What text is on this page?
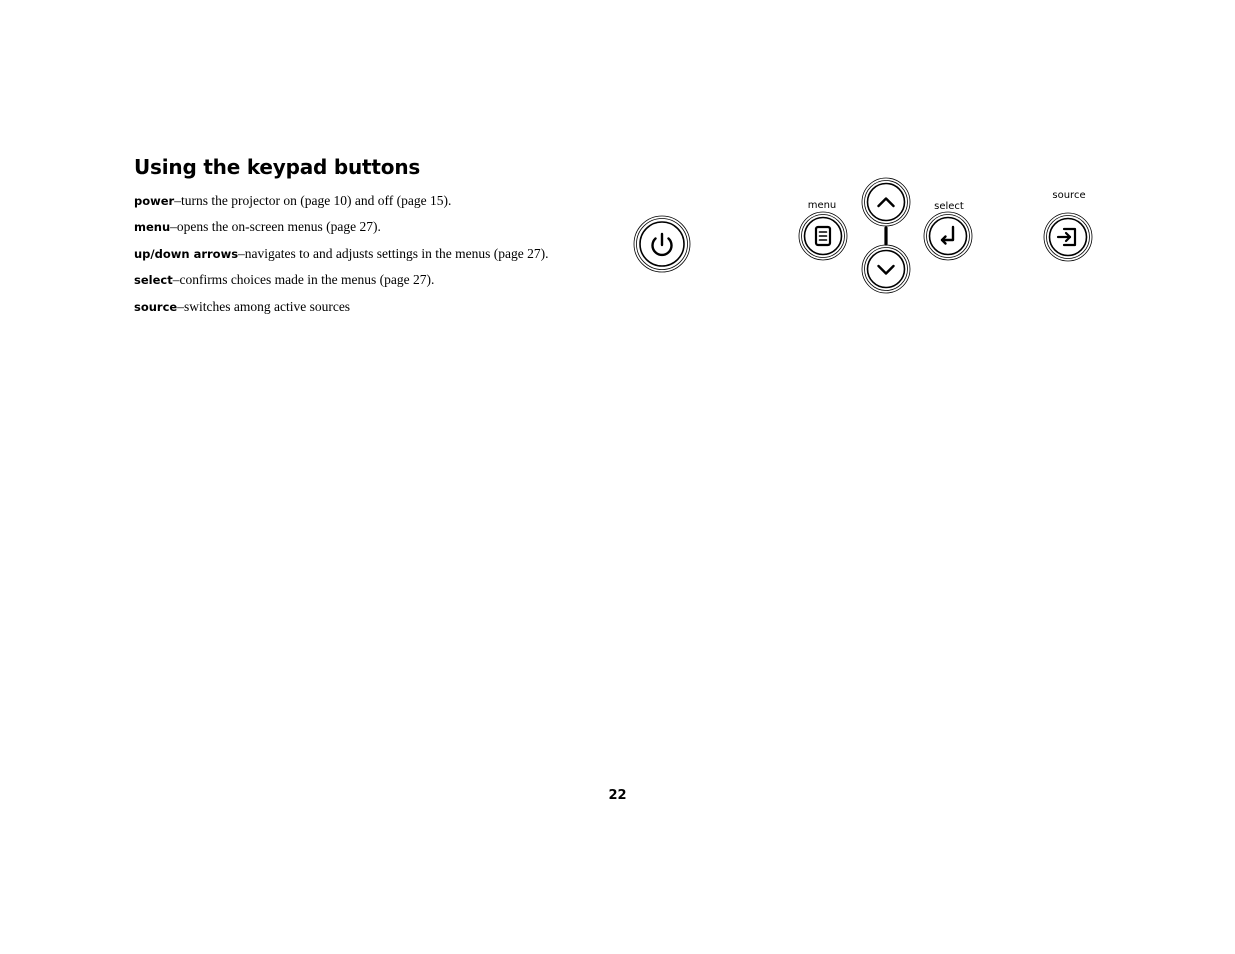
Using the keypad buttons

power–turns the projector on (page 10) and off (page 15).

menu–opens the on-screen menus (page 27).

up/down arrows–navigates to and adjusts settings in the menus (page 27).

select–confirms choices made in the menus (page 27).

source–switches among active sources

menu	select
source

22
